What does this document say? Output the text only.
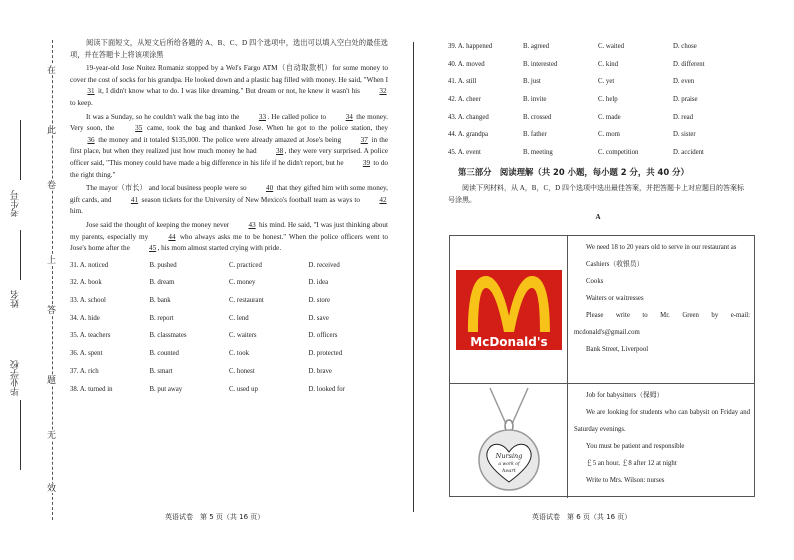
在
此
卷
上
答
题
无
效
考生号
姓名
毕业学校
阅读下面短文，从短文后所给各题的 A、B、C、D 四个选项中，选出可以填入空白处的最佳选项，并在答题卡上将该项涂黑
19-year-old Jose Nuitez Romaniz stopped by a Wel's Fargo ATM（自动取款机）for some money to cover the cost of socks for his grandpa. He looked down and a plastic bag filled with money. He said, "When I 31 it, I didn't know what to do. I was like dreaming." But dream or not, he knew it wasn't his 32 to keep.
It was a Sunday, so he couldn't walk the bag into the 33. He called police to 34 the money. Very soon, the 35 came, took the bag and thanked Jose. When he got to the police station, they 36 the money and it totaled $135,000. The police were already amazed at Jose's being 37 in the first place, but when they realized just how much money he had 38, they were very surprised. A police officer said, "This money could have made a big difference in his life if he didn't report, but he 39 to do the right thing."
The mayor（市长） and local business people were so 40 that they gifted him with some money, gift cards, and 41 season tickets for the University of New Mexico's football team as ways to 42 him.
Jose said the thought of keeping the money never 43 his mind. He said, "I was just thinking about my parents, especially my 44 who always asks me to be honest." When the police officers went to Jose's home after the 45, his mom almost started crying with pride.
31. A. noticed	B. pushed	C. practiced	D. received
32. A. book	B. dream	C. money	D. idea
33. A. school	B. bank	C. restaurant	D. store
34. A. hide	B. report	C. lend	D. save
35. A. teachers	B. classmates	C. waiters	D. officers
36. A. spent	B. counted	C. took	D. protected
37. A. rich	B. smart	C. honest	D. brave
38. A. turned in	B. put away	C. used up	D. looked for
英语试卷　第 5 页（共 16 页）
39. A. happened	B. agreed	C. waited	D. chose
40. A. moved	B. interested	C. kind	D. different
41. A. still	B. just	C. yet	D. even
42. A. cheer	B. invite	C. help	D. praise
43. A. changed	B. crossed	C. made	D. read
44. A. grandpa	B. father	C. mom	D. sister
45. A. event	B. meeting	C. competition	D. accident
第三部分　阅读理解（共 20 小题，每小题 2 分，共 40 分）
阅读下列材料，从 A，B，C，D 四个选项中选出最佳答案，并把答题卡上对应题目的答案标号涂黑。
A
McDonald's
We need 18 to 20 years old to serve in our restaurant as
Cashiers（收银员）
Cooks
Waiters or waitresses
Please write to Mr. Green by e-mail: mcdonald's@gmail.com
Bank Street, Liverpool
Nursing
a work of
heart
Job for babysitters（保姆）
We are looking for students who can babysit on Friday and Saturday evenings.
You must be patient and responsible
￡5 an hour, ￡8 after 12 at night
Write to Mrs. Wilson: nurses
英语试卷　第 6 页（共 16 页）
